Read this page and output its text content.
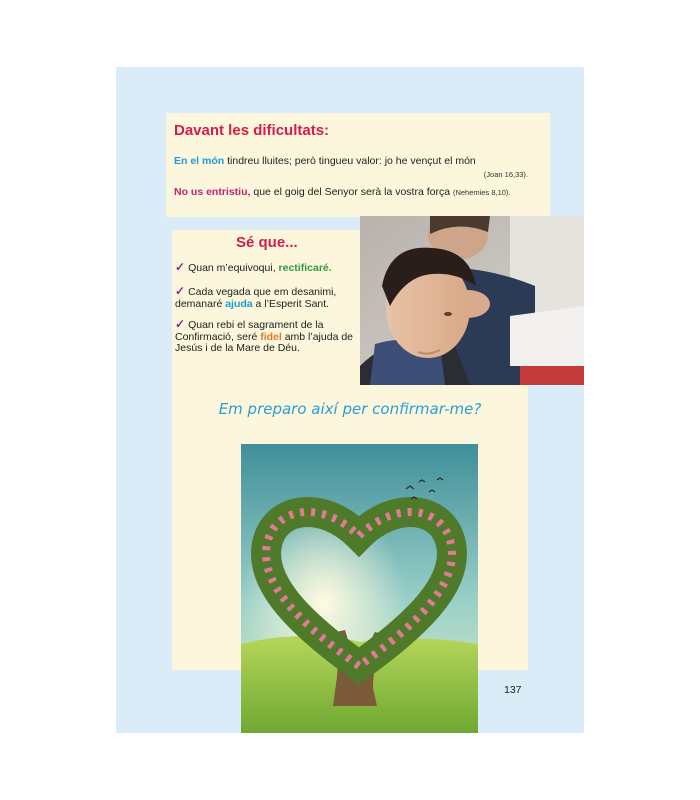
Davant les dificultats:
En el món tindreu lluites; però tingueu valor: jo he vençut el món
(Joan 16,33).
No us entristiu, que el goig del Senyor serà la vostra força (Nehemies 8,10).
Sé que...
✓ Quan m’equivoqui, rectificaré.
✓ Cada vegada que em desanimi, demanaré ajuda a l’Esperit Sant.
✓ Quan rebi el sagrament de la Confirmació, seré fidel amb l’ajuda de Jesús i de la Mare de Déu.

Em preparo així per confirmar-me?

137
